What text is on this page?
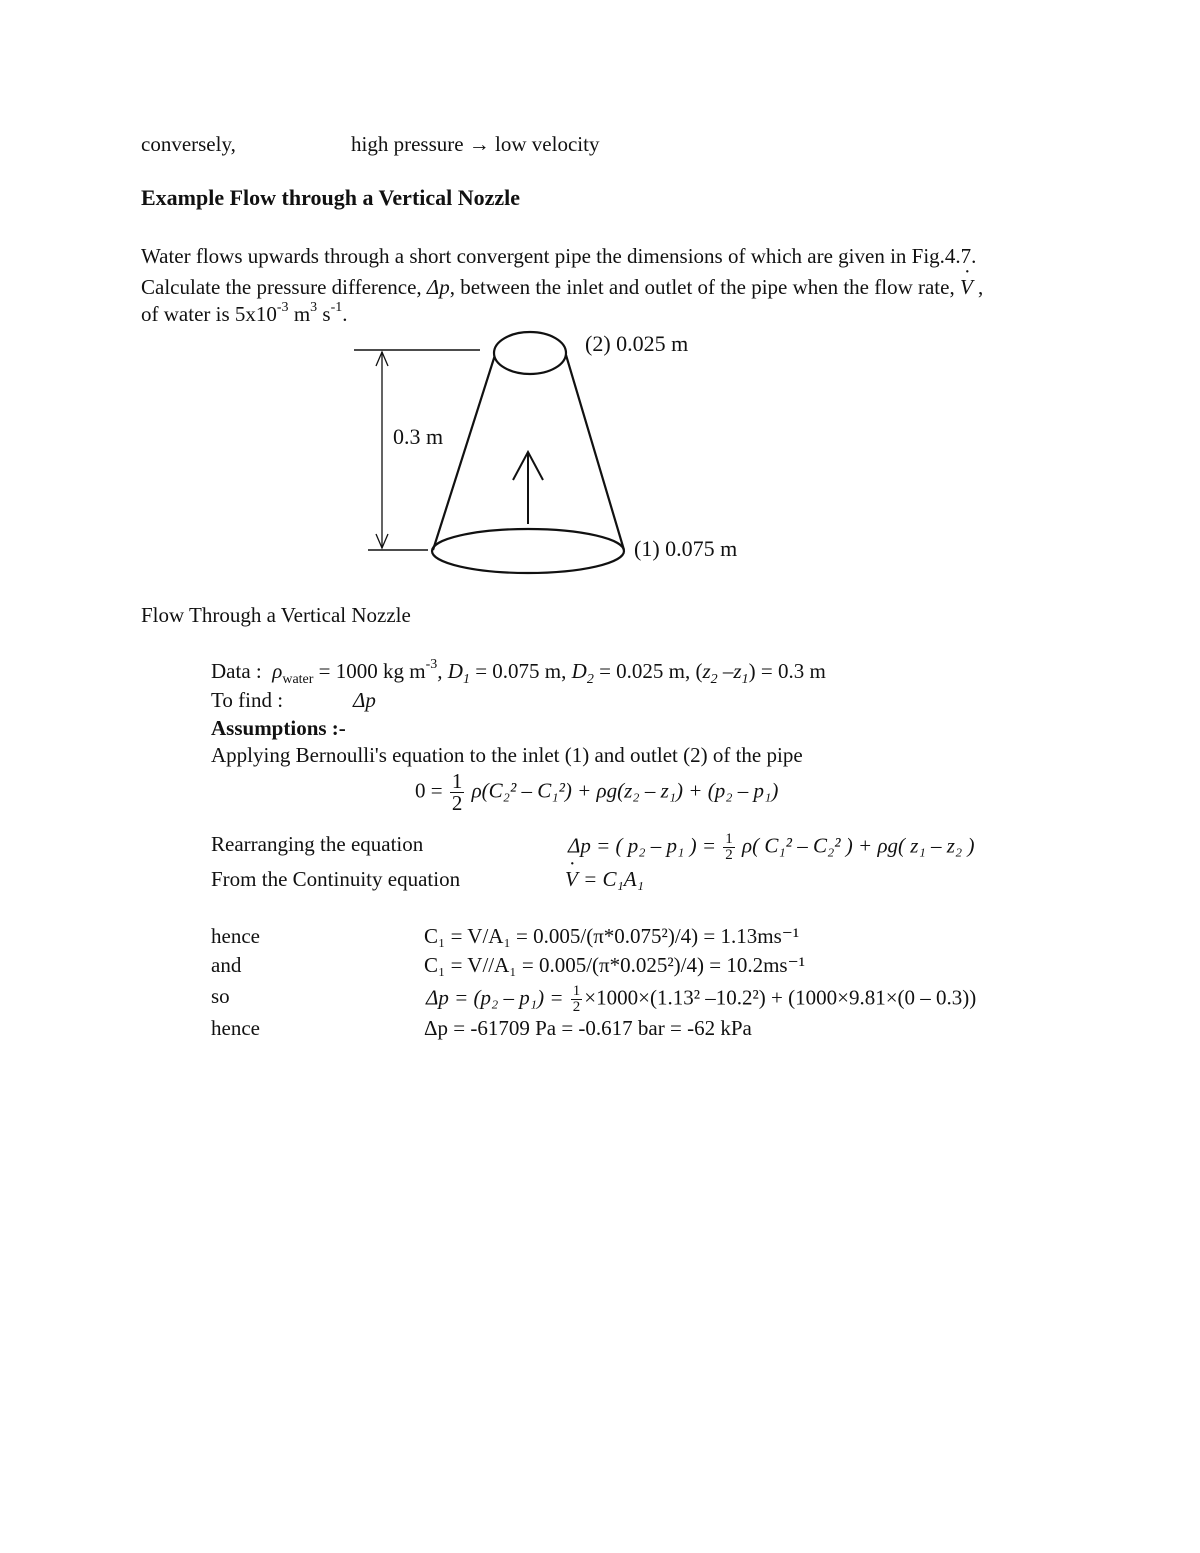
conversely,	high pressure → low velocity
Example Flow through a Vertical Nozzle
Water flows upwards through a short convergent pipe the dimensions of which are given in Fig.4.7.
Calculate the pressure difference, Δp, between the inlet and outlet of the pipe when the flow rate, · V ,
of water is $5x10^{-3}$ $m^3$ $s^{-1}$.
(2) 0.025 m
0.3 m
(1) 0.075 m
Flow Through a Vertical Nozzle
Data : $\rho_{water} = 1000$ kg $m^{-3}$, $D_1 = 0.075$ m, $D_2 = 0.025$ m, ($z_2$ $-z_1) = 0.3$ m
To find :	Δp
Assumptions :-
Applying Bernoulli's equation to the inlet (1) and outlet (2) of the pipe
$0 = \frac{1}{2} \rho(C_2^2 - C_1^2) + \rho g(z_2 - z_1) + (p_2 - p_1)$
Rearranging the equation	Δp = ( p₂ – p₁ ) = $\frac{1}{2} \rho$( C₁² – C₂² ) + ρg( z₁ – z₂ )
From the Continuity equation
·	V = C₁A₁
hence	C₁ = V/A₁ = 0.005/(π*0.075²)/4) = 1.13ms⁻¹
and	C₁ = V//A₁ = 0.005/(π*0.025²)/4) = 10.2ms⁻¹
so	$\Delta p = (p_2 - p_1) = \frac{1}{2} \times 1000\times(1.13^2$ –10.2²) + (1000×9.81×(0 – 0.3))
hence	Δp = -61709 Pa = -0.617 bar = -62 kPa
